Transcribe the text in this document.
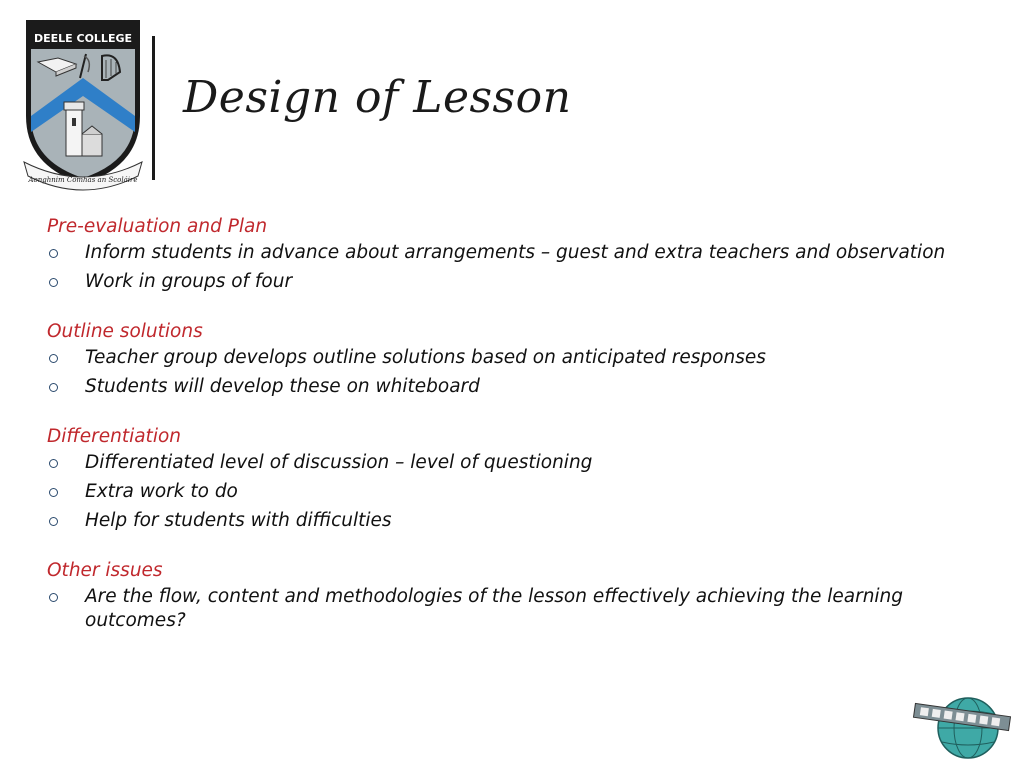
DEELE COLLEGE
Aonghnim Comhas an Scoláire
Design of Lesson
Pre-evaluation and Plan
Inform students in advance about arrangements – guest and extra teachers and observation
Work in groups of four
Outline solutions
Teacher group develops outline solutions based on anticipated responses
Students will develop these on whiteboard
Differentiation
Differentiated level of discussion – level of questioning
Extra work to do
Help for students with difficulties
Other issues
Are the flow, content and methodologies of the lesson effectively achieving the learning outcomes?
